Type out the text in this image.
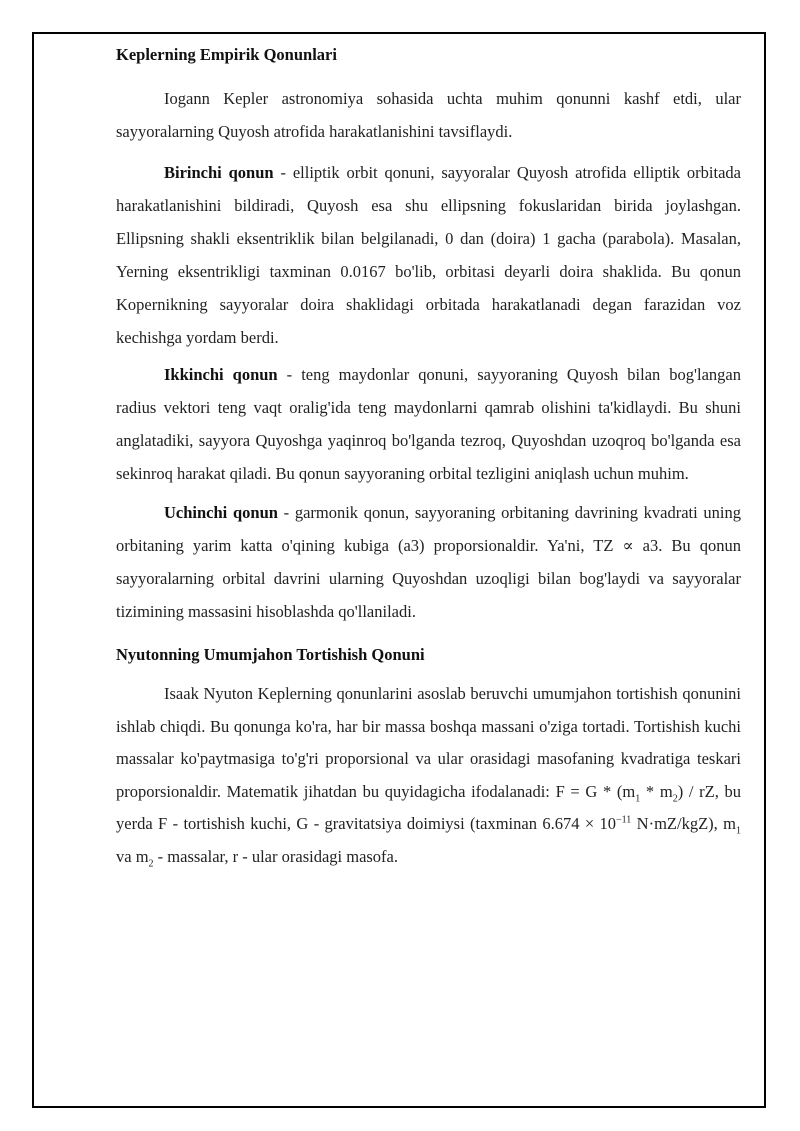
Keplerning Empirik Qonunlari

Iogann Kepler astronomiya sohasida uchta muhim qonunni kashf etdi, ular sayyoralarning Quyosh atrofida harakatlanishini tavsiflaydi.

Birinchi qonun - elliptik orbit qonuni, sayyoralar Quyosh atrofida elliptik orbitada harakatlanishini bildiradi, Quyosh esa shu ellipsning fokuslaridan birida joylashgan. Ellipsning shakli eksentriklik bilan belgilanadi, 0 dan (doira) 1 gacha (parabola). Masalan, Yerning eksentrikligi taxminan 0.0167 bo'lib, orbitasi deyarli doira shaklida. Bu qonun Kopernikning sayyoralar doira shaklidagi orbitada harakatlanadi degan farazidan voz kechishga yordam berdi.

Ikkinchi qonun - teng maydonlar qonuni, sayyoraning Quyosh bilan bog'langan radius vektori teng vaqt oralig'ida teng maydonlarni qamrab olishini ta'kidlaydi. Bu shuni anglatadiki, sayyora Quyoshga yaqinroq bo'lganda tezroq, Quyoshdan uzoqroq bo'lganda esa sekinroq harakat qiladi. Bu qonun sayyoraning orbital tezligini aniqlash uchun muhim.

Uchinchi qonun - garmonik qonun, sayyoraning orbitaning davrining kvadrati uning orbitaning yarim katta o'qining kubiga (a3) proporsionaldir. Ya'ni, TZ ∝ a3. Bu qonun sayyoralarning orbital davrini ularning Quyoshdan uzoqligi bilan bog'laydi va sayyoralar tizimining massasini hisoblashda qo'llaniladi.

Nyutonning Umumjahon Tortishish Qonuni

Isaak Nyuton Keplerning qonunlarini asoslab beruvchi umumjahon tortishish qonunini ishlab chiqdi. Bu qonunga ko'ra, har bir massa boshqa massani o'ziga tortadi. Tortishish kuchi massalar ko'paytmasiga to'g'ri proporsional va ular orasidagi masofaning kvadratiga teskari proporsionaldir. Matematik jihatdan bu quyidagicha ifodalanadi: $F = G * (m_1 * m_2)$ / rZ, bu yerda F - tortishish kuchi, G - gravitatsiya doimiysi (taxminan $6.674 \times 10^{-11}$ N·mZ/kgZ), $m_1$ va $m_2$ - massalar, r - ular orasidagi masofa.
